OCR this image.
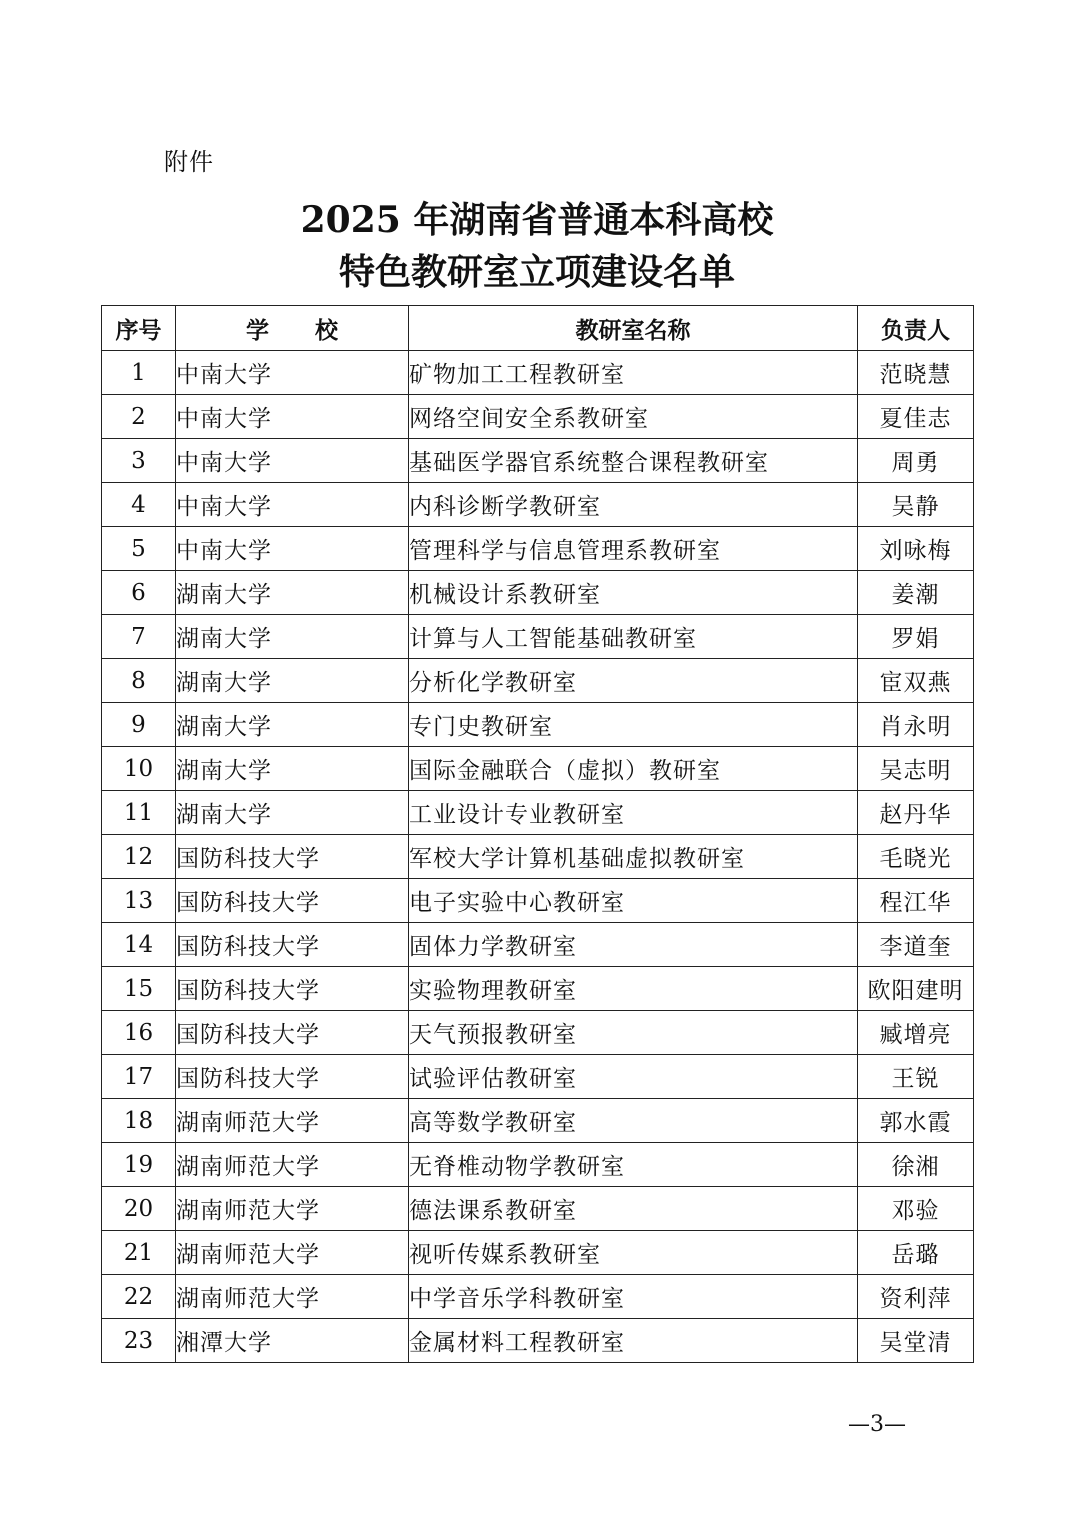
附件
2025 年湖南省普通本科高校
特色教研室立项建设名单
序号	学　　校	教研室名称	负责人
1	中南大学	矿物加工工程教研室	范晓慧
2	中南大学	网络空间安全系教研室	夏佳志
3	中南大学	基础医学器官系统整合课程教研室	周勇
4	中南大学	内科诊断学教研室	吴静
5	中南大学	管理科学与信息管理系教研室	刘咏梅
6	湖南大学	机械设计系教研室	姜潮
7	湖南大学	计算与人工智能基础教研室	罗娟
8	湖南大学	分析化学教研室	宦双燕
9	湖南大学	专门史教研室	肖永明
10	湖南大学	国际金融联合（虚拟）教研室	吴志明
11	湖南大学	工业设计专业教研室	赵丹华
12	国防科技大学	军校大学计算机基础虚拟教研室	毛晓光
13	国防科技大学	电子实验中心教研室	程江华
14	国防科技大学	固体力学教研室	李道奎
15	国防科技大学	实验物理教研室	欧阳建明
16	国防科技大学	天气预报教研室	臧增亮
17	国防科技大学	试验评估教研室	王锐
18	湖南师范大学	高等数学教研室	郭水霞
19	湖南师范大学	无脊椎动物学教研室	徐湘
20	湖南师范大学	德法课系教研室	邓验
21	湖南师范大学	视听传媒系教研室	岳璐
22	湖南师范大学	中学音乐学科教研室	资利萍
23	湘潭大学	金属材料工程教研室	吴堂清
—3—
